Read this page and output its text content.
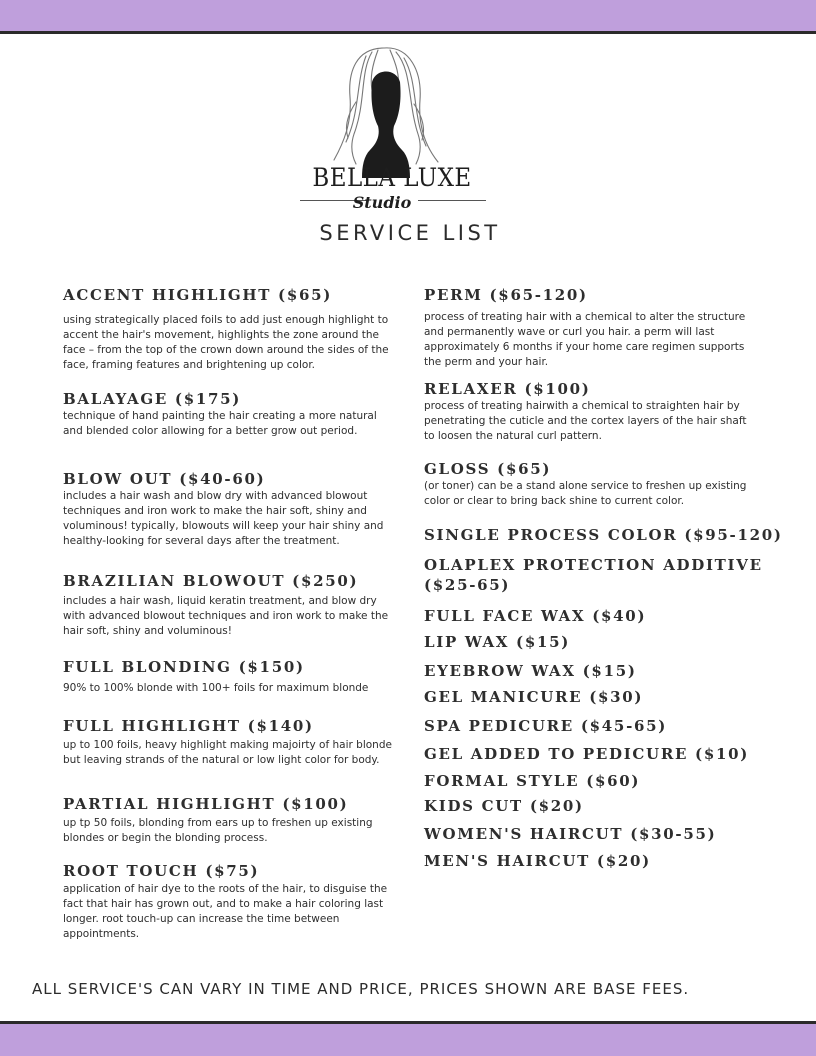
BELLA LUXE
Studio
SERVICE LIST
ACCENT HIGHLIGHT ($65)

using strategically placed foils to add just enough highlight to accent the hair's movement, highlights the zone around the face – from the top of the crown down around the sides of the face, framing features and brightening up color.

BALAYAGE ($175)

technique of hand painting the hair creating a more natural and blended color allowing for a better grow out period.

BLOW OUT ($40-60)

includes a hair wash and blow dry with advanced blowout techniques and iron work to make the hair soft, shiny and voluminous! typically, blowouts will keep your hair shiny and healthy-looking for several days after the treatment.

BRAZILIAN BLOWOUT ($250)

includes a hair wash, liquid keratin treatment, and blow dry with advanced blowout techniques and iron work to make the hair soft, shiny and voluminous!

FULL BLONDING ($150)

90% to 100% blonde with 100+ foils for maximum blonde

FULL HIGHLIGHT ($140)

up to 100 foils, heavy highlight making majoirty of hair blonde but leaving strands of the natural or low light color for body.

PARTIAL HIGHLIGHT ($100)

up tp 50 foils, blonding from ears up to freshen up existing blondes or begin the blonding process.

ROOT TOUCH ($75)

application of hair dye to the roots of the hair, to disguise the fact that hair has grown out, and to make a hair coloring last longer. root touch-up can increase the time between appointments.

PERM ($65-120)

process of treating hair with a chemical to alter the structure and permanently wave or curl you hair. a perm will last approximately 6 months if your home care regimen supports the perm and your hair.

RELAXER ($100)

process of treating hairwith a chemical to straighten hair by penetrating the cuticle and the cortex layers of the hair shaft to loosen the natural curl pattern.

GLOSS ($65)

(or toner) can be a stand alone service to freshen up existing color or clear to bring back shine to current color.

SINGLE PROCESS COLOR ($95-120)
OLAPLEX PROTECTION ADDITIVE
($25-65)
FULL FACE WAX ($40)
LIP WAX ($15)
EYEBROW WAX ($15)
GEL MANICURE ($30)
SPA PEDICURE ($45-65)
GEL ADDED TO PEDICURE ($10)
FORMAL STYLE ($60)
KIDS CUT ($20)
WOMEN'S HAIRCUT ($30-55)
MEN'S HAIRCUT ($20)

ALL SERVICE'S CAN VARY IN TIME AND PRICE, PRICES SHOWN ARE BASE FEES.
